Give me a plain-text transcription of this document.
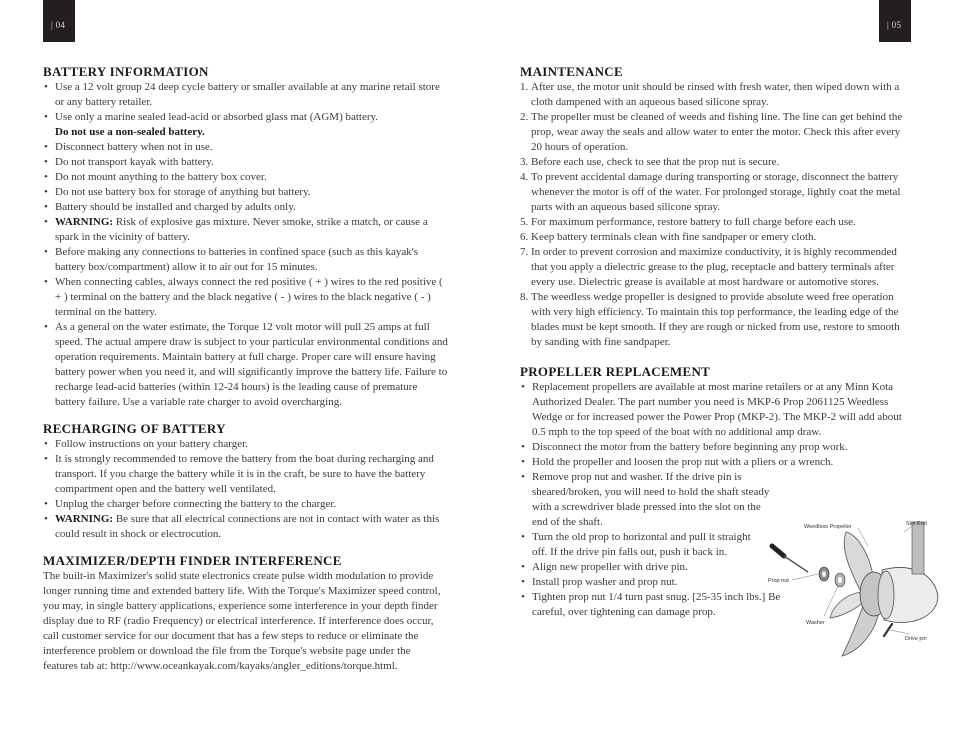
| 04	| 05
BATTERY INFORMATION
• Use a 12 volt group 24 deep cycle battery or smaller available at any marine retail store or any battery retailer.
• Use only a marine sealed lead-acid or absorbed glass mat (AGM) battery.
Do not use a non-sealed battery.
• Disconnect battery when not in use.
• Do not transport kayak with battery.
• Do not mount anything to the battery box cover.
• Do not use battery box for storage of anything but battery.
• Battery should be installed and charged by adults only.
• WARNING: Risk of explosive gas mixture. Never smoke, strike a match, or cause a spark in the vicinity of battery.
• Before making any connections to batteries in confined space (such as this kayak's battery box/compartment) allow it to air out for 15 minutes.
• When connecting cables, always connect the red positive ( + ) wires to the red positive ( + ) terminal on the battery and the black negative ( - ) wires to the black negative ( - ) terminal on the battery.
• As a general on the water estimate, the Torque 12 volt motor will pull 25 amps at full speed. The actual ampere draw is subject to your particular environmental conditions and operation requirements. Maintain battery at full charge. Proper care will ensure having battery power when you need it, and will significantly improve the battery life. Failure to recharge lead-acid batteries (within 12-24 hours) is the leading cause of premature battery failure. Use a variable rate charger to avoid overcharging.
RECHARGING OF BATTERY
• Follow instructions on your battery charger.
• It is strongly recommended to remove the battery from the boat during recharging and transport. If you charge the battery while it is in the craft, be sure to have the battery compartment open and the battery well ventilated.
• Unplug the charger before connecting the battery to the charger.
• WARNING: Be sure that all electrical connections are not in contact with water as this could result in shock or electrocution.
MAXIMIZER/DEPTH FINDER INTERFERENCE

The built-in Maximizer's solid state electronics create pulse width modulation to provide longer running time and extended battery life. With the Torque's Maximizer speed control, you may, in single battery applications, experience some interference in your depth finder display due to RF (radio Frequency) or electrical interference. If interference does occur, call customer service for our document that has a few steps to reduce or eliminate the interference problem or download the file from the Torque's website page under the features tab at: http://www.oceankayak.com/kayaks/angler_editions/torque.html.

MAINTENANCE
1. After use, the motor unit should be rinsed with fresh water, then wiped down with a cloth dampened with an aqueous based silicone spray.
2. The propeller must be cleaned of weeds and fishing line. The line can get behind the prop, wear away the seals and allow water to enter the motor. Check this after every 20 hours of operation.
3. Before each use, check to see that the prop nut is secure.
4. To prevent accidental damage during transporting or storage, disconnect the battery whenever the motor is off of the water. For prolonged storage, lightly coat the metal parts with an aqueous based silicone spray.
5. For maximum performance, restore battery to full charge before each use.
6. Keep battery terminals clean with fine sandpaper or emery cloth.
7. In order to prevent corrosion and maximize conductivity, it is highly recommended that you apply a dielectric grease to the plug, receptacle and battery terminals after every use. Dielectric grease is available at most hardware or automotive stores.
8. The weedless wedge propeller is designed to provide absolute weed free operation with very high efficiency. To maintain this top performance, the leading edge of the blades must be kept smooth. If they are rough or nicked from use, restore to smooth by sanding with fine sandpaper.
PROPELLER REPLACEMENT
• Replacement propellers are available at most marine retailers or at any Minn Kota Authorized Dealer. The part number you need is MKP-6 Prop 2061125 Weedless Wedge or for increased power the Power Prop (MKP-2). The MKP-2 will add about 0.5 mph to the top speed of the boat with no additional amp draw.
• Disconnect the motor from the battery before beginning any prop work.
• Hold the propeller and loosen the prop nut with a pliers or a wrench.
• Remove prop nut and washer. If the drive pin is sheared/broken, you will need to hold the shaft steady with a screwdriver blade pressed into the slot on the end of the shaft.
• Turn the old prop to horizontal and pull it straight off. If the drive pin falls out, push it back in.
• Align new propeller with drive pin.
• Install prop washer and prop nut.
• Tighten prop nut 1/4 turn past snug. [25-35 inch lbs.] Be careful, over tightening can damage prop.
Weedless Propeller	Slot End
Prop nut
Washer
Drive pin
